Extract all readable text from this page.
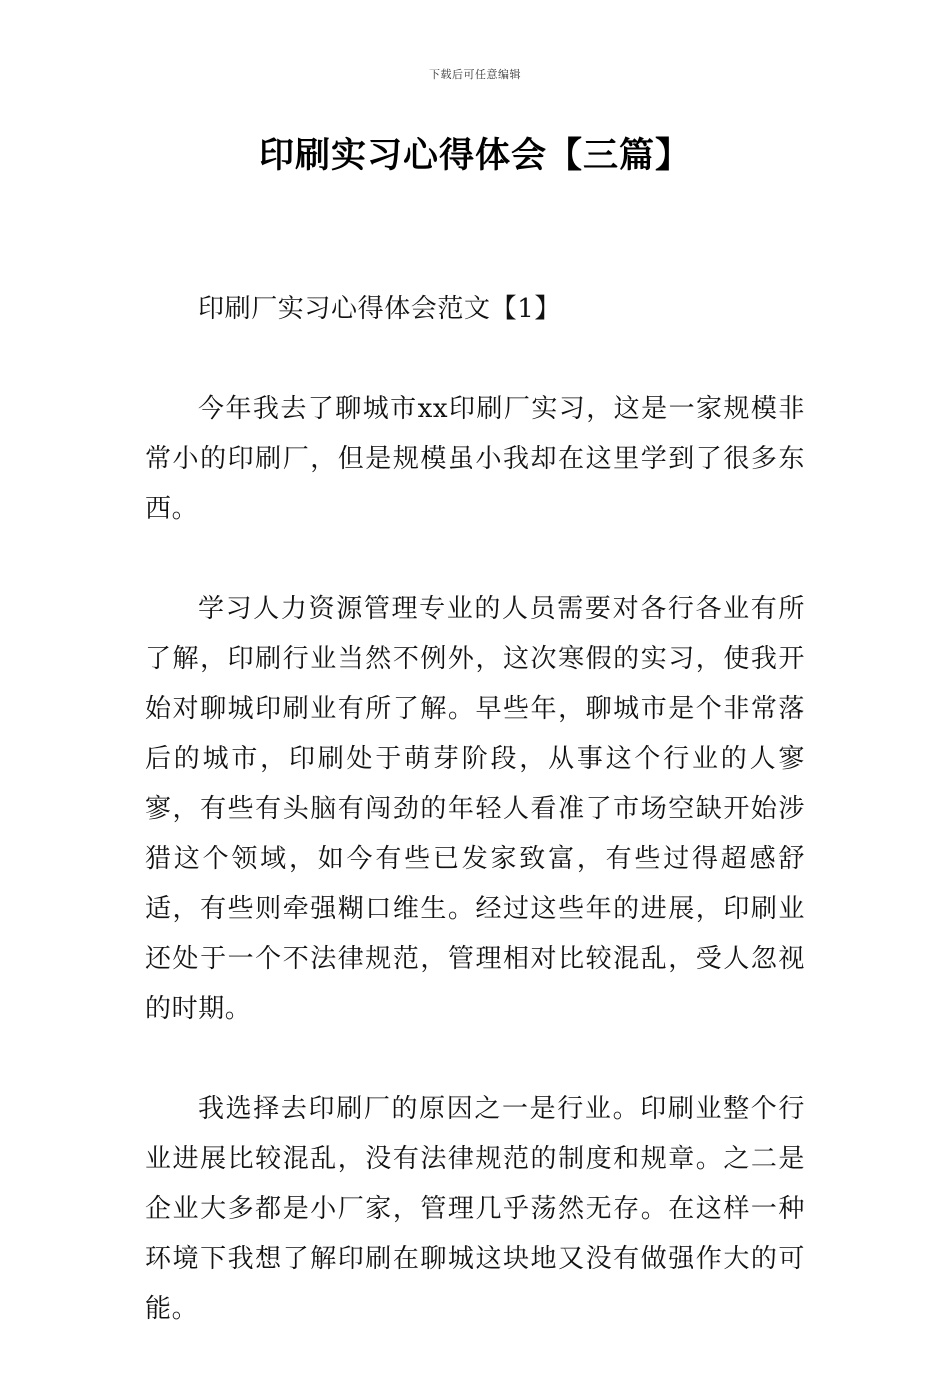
下载后可任意编辑
印刷实习心得体会【三篇】

印刷厂实习心得体会范文【1】

今年我去了聊城市xx印刷厂实习，这是一家规模非常小的印刷厂，但是规模虽小我却在这里学到了很多东西。

学习人力资源管理专业的人员需要对各行各业有所了解，印刷行业当然不例外，这次寒假的实习，使我开始对聊城印刷业有所了解。早些年，聊城市是个非常落后的城市，印刷处于萌芽阶段，从事这个行业的人寥寥，有些有头脑有闯劲的年轻人看准了市场空缺开始涉猎这个领域，如今有些已发家致富，有些过得超感舒适，有些则牵强糊口维生。经过这些年的进展，印刷业还处于一个不法律规范，管理相对比较混乱，受人忽视的时期。

我选择去印刷厂的原因之一是行业。印刷业整个行业进展比较混乱，没有法律规范的制度和规章。之二是企业大多都是小厂家，管理几乎荡然无存。在这样一种环境下我想了解印刷在聊城这块地又没有做强作大的可能。
